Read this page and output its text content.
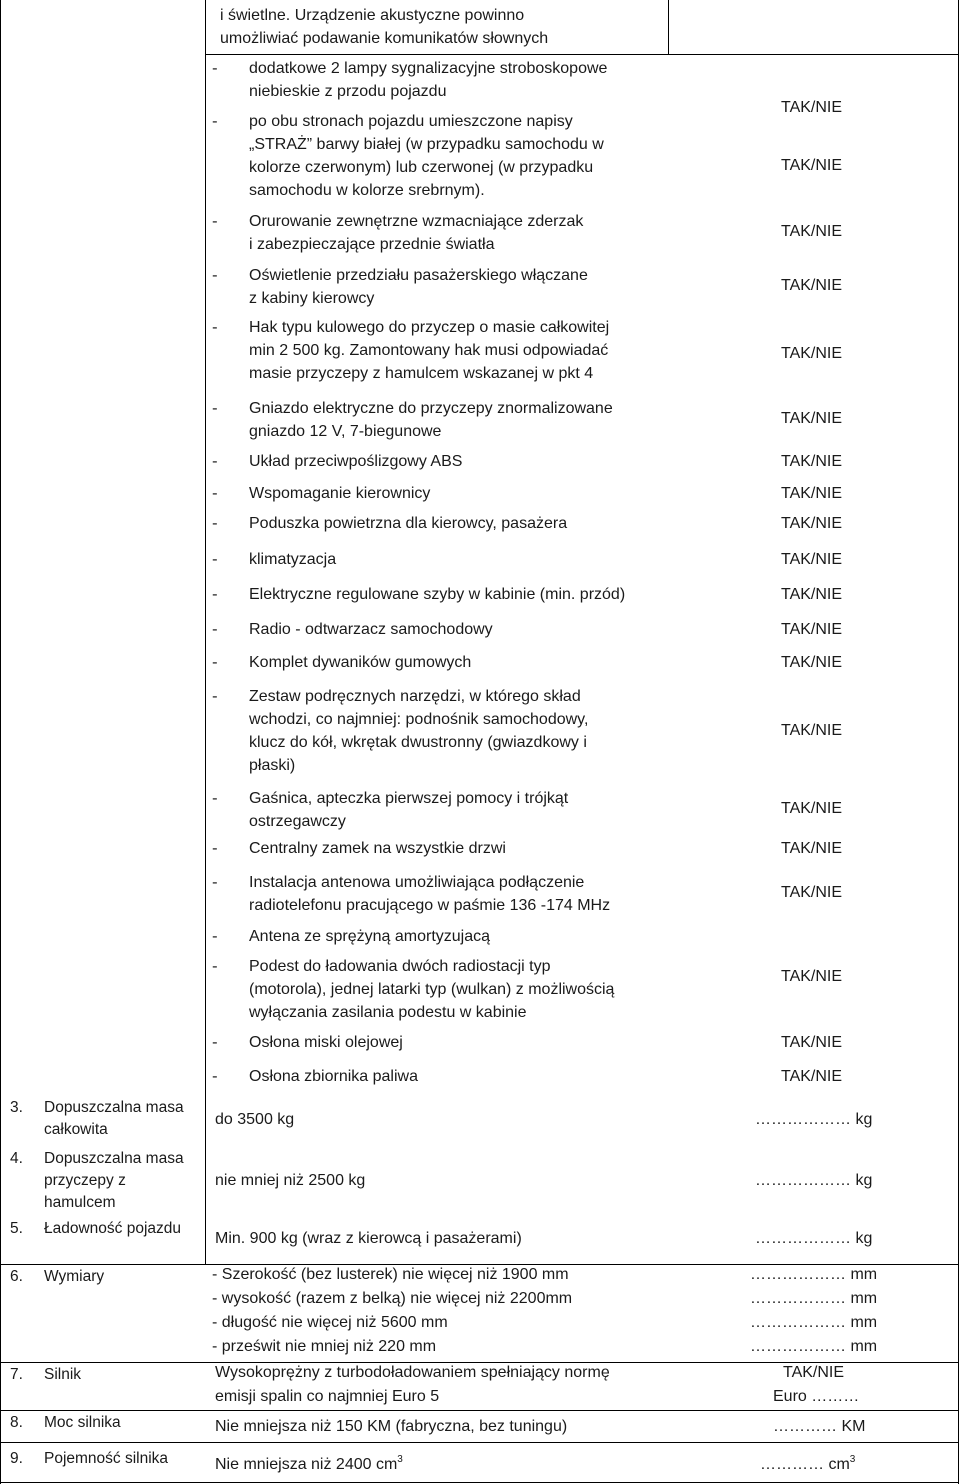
i świetlne. Urządzenie akustyczne powinno
umożliwiać podawanie komunikatów słownych
- dodatkowe 2 lampy sygnalizacyjne stroboskopowe
niebieskie z przodu pojazdu
TAK/NIE
- po obu stronach pojazdu umieszczone napisy
„STRAŻ” barwy białej (w przypadku samochodu w
kolorze czerwonym) lub czerwonej (w przypadku
samochodu w kolorze srebrnym).
TAK/NIE
- Orurowanie zewnętrzne wzmacniające zderzak
i zabezpieczające przednie światła
TAK/NIE
- Oświetlenie przedziału pasażerskiego włączane
z kabiny kierowcy
TAK/NIE
- Hak typu kulowego do przyczep o masie całkowitej
min 2 500 kg. Zamontowany hak musi odpowiadać
masie przyczepy z hamulcem wskazanej w pkt 4
TAK/NIE
- Gniazdo elektryczne do przyczepy znormalizowane
gniazdo 12 V, 7-biegunowe
TAK/NIE
- Układ przeciwpoślizgowy ABS	TAK/NIE
- Wspomaganie kierownicy	TAK/NIE
- Poduszka powietrzna dla kierowcy, pasażera	TAK/NIE
- klimatyzacja	TAK/NIE
- Elektryczne regulowane szyby w kabinie (min. przód)	TAK/NIE
- Radio - odtwarzacz samochodowy	TAK/NIE
- Komplet dywaników gumowych	TAK/NIE
- Zestaw podręcznych narzędzi, w którego skład
wchodzi, co najmniej: podnośnik samochodowy,
klucz do kół, wkrętak dwustronny (gwiazdkowy i
płaski)
TAK/NIE
- Gaśnica, apteczka pierwszej pomocy i trójkąt
ostrzegawczy
TAK/NIE
- Centralny zamek na wszystkie drzwi	TAK/NIE
- Instalacja antenowa umożliwiająca podłączenie
radiotelefonu pracującego w paśmie 136 -174 MHz
TAK/NIE
- Antena ze sprężyną amortyzujacą
- Podest do ładowania dwóch radiostacji typ
(motorola), jednej latarki typ (wulkan) z możliwością
wyłączania zasilania podestu w kabinie
TAK/NIE
- Osłona miski olejowej	TAK/NIE
- Osłona zbiornika paliwa	TAK/NIE
3. Dopuszczalna masa
całkowita
do 3500 kg	……………… kg
4. Dopuszczalna masa
przyczepy z
hamulcem
nie mniej niż 2500 kg	……………… kg
5. Ładowność pojazdu
Min. 900 kg (wraz z kierowcą i pasażerami)	……………… kg
6. Wymiary	- Szerokość (bez lusterek) nie więcej niż 1900 mm
- wysokość (razem z belką) nie więcej niż 2200mm
- długość nie więcej niż 5600 mm
- prześwit nie mniej niż 220 mm
……………… mm
……………… mm
……………… mm
……………… mm
7. Silnik	Wysokoprężny z turbodoładowaniem spełniający normę
emisji spalin co najmniej Euro 5
TAK/NIE
Euro ………
8. Moc silnika	Nie mniejsza niż 150 KM (fabryczna, bez tuningu)	………… KM
9. Pojemność silnika	Nie mniejsza niż 2400 $cm^3$	………… $cm^3$
